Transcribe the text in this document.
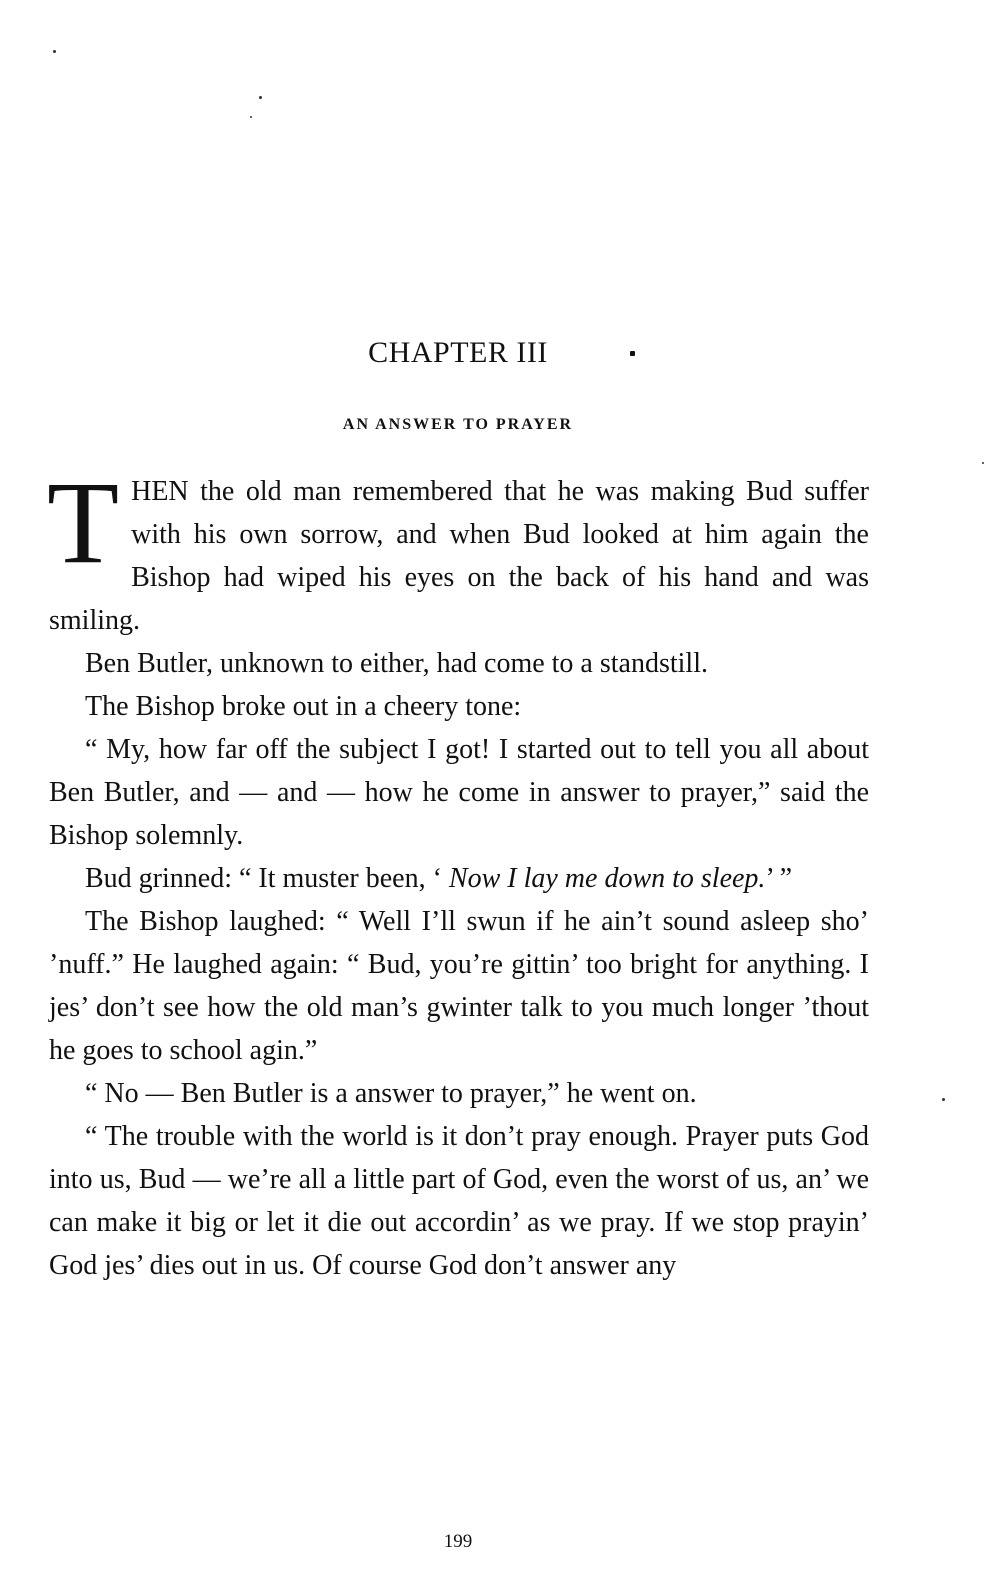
CHAPTER III
AN ANSWER TO PRAYER

THEN the old man remembered that he was making Bud suffer with his own sorrow, and when Bud looked at him again the Bishop had wiped his eyes on the back of his hand and was smiling.

Ben Butler, unknown to either, had come to a standstill.

The Bishop broke out in a cheery tone:

“ My, how far off the subject I got! I started out to tell you all about Ben Butler, and — and — how he come in answer to prayer,” said the Bishop solemnly.

Bud grinned: “ It muster been, ‘ Now I lay me down to sleep.’ ”

The Bishop laughed: “ Well I’ll swun if he ain’t sound asleep sho’ ’nuff.” He laughed again: “ Bud, you’re gittin’ too bright for anything. I jes’ don’t see how the old man’s gwinter talk to you much longer ’thout he goes to school agin.”

“ No — Ben Butler is a answer to prayer,” he went on.

“ The trouble with the world is it don’t pray enough. Prayer puts God into us, Bud — we’re all a little part of God, even the worst of us, an’ we can make it big or let it die out accordin’ as we pray. If we stop prayin’ God jes’ dies out in us. Of course God don’t answer any

199
